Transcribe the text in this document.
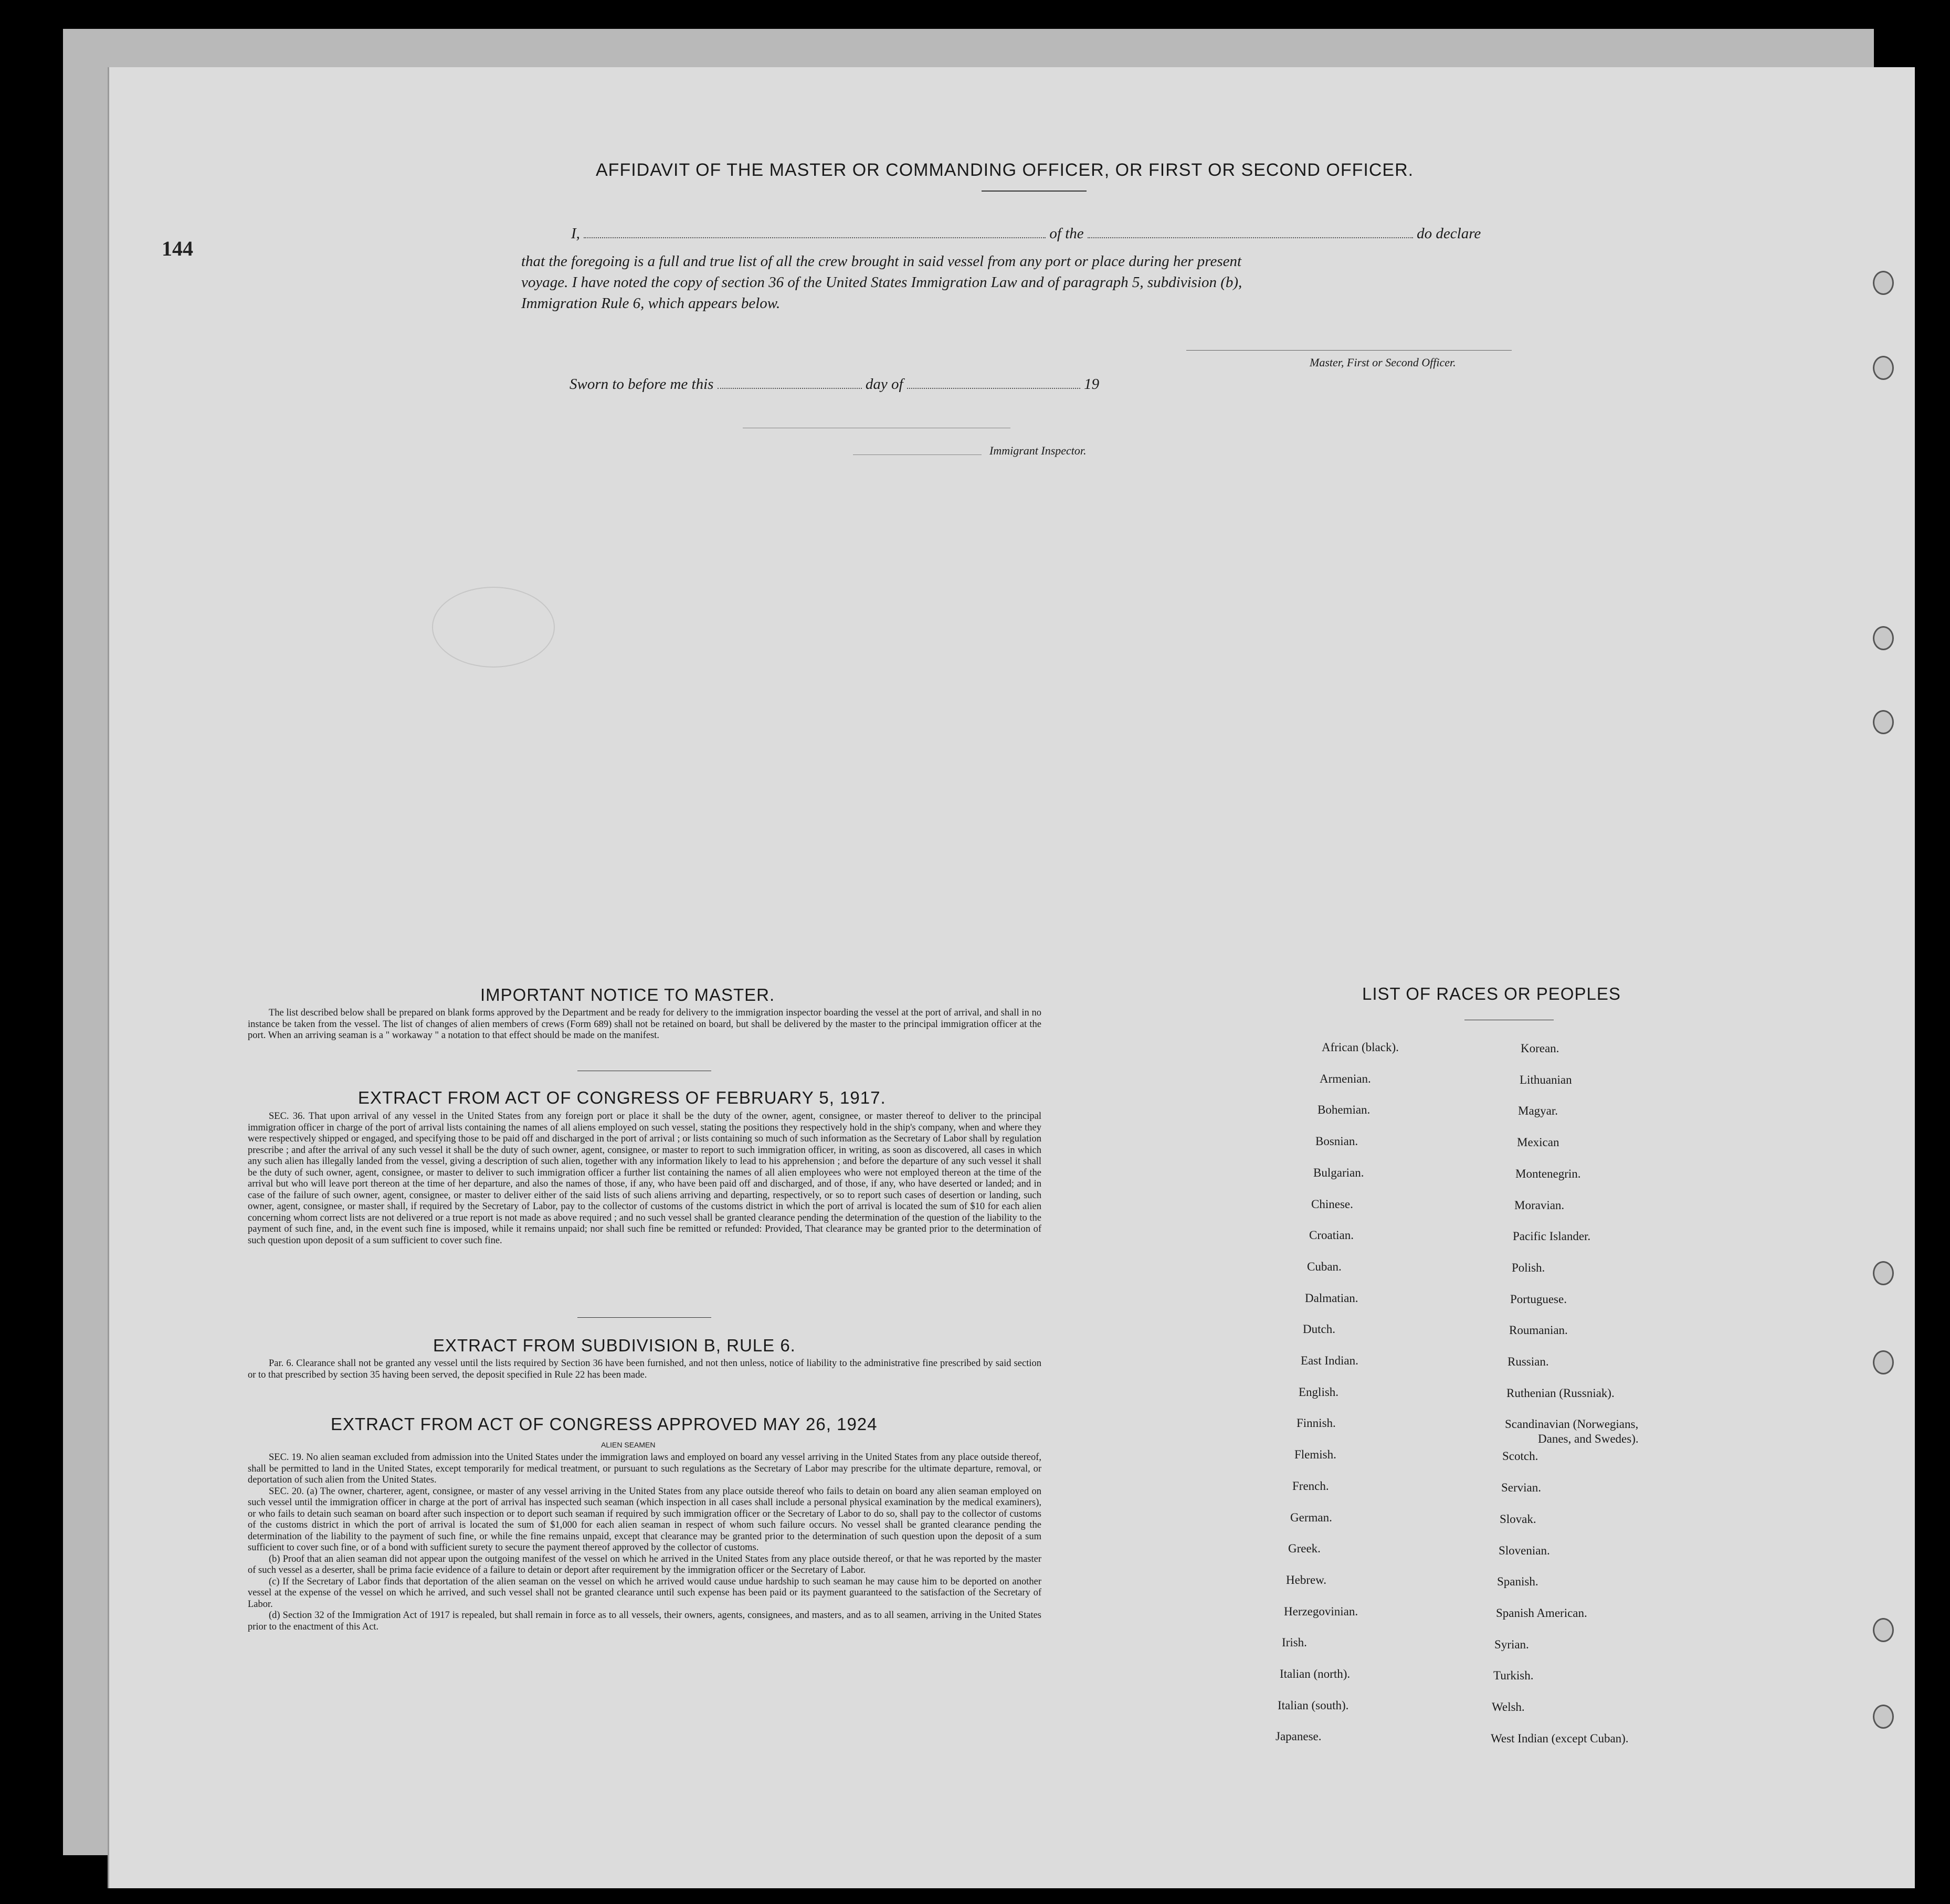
144
AFFIDAVIT OF THE MASTER OR COMMANDING OFFICER, OR FIRST OR SECOND OFFICER.
I,	of the	do declare
that the foregoing is a full and true list of all the crew brought in said vessel from any port or place during her present
voyage. I have noted the copy of section 36 of the United States Immigration Law and of paragraph 5, subdivision (b),
Immigration Rule 6, which appears below.
Master, First or Second Officer.
Sworn to before me this	day of	19
Immigrant Inspector.
IMPORTANT NOTICE TO MASTER.

The list described below shall be prepared on blank forms approved by the Department and be ready for delivery to the immigration inspector boarding the vessel at the port of arrival, and shall in no instance be taken from the vessel. The list of changes of alien members of crews (Form 689) shall not be retained on board, but shall be delivered by the master to the principal immigration officer at the port. When an arriving seaman is a " workaway " a notation to that effect should be made on the manifest.

EXTRACT FROM ACT OF CONGRESS OF FEBRUARY 5, 1917.

SEC. 36. That upon arrival of any vessel in the United States from any foreign port or place it shall be the duty of the owner, agent, consignee, or master thereof to deliver to the principal immigration officer in charge of the port of arrival lists containing the names of all aliens employed on such vessel, stating the positions they respectively hold in the ship's company, when and where they were respectively shipped or engaged, and specifying those to be paid off and discharged in the port of arrival ; or lists containing so much of such information as the Secretary of Labor shall by regulation prescribe ; and after the arrival of any such vessel it shall be the duty of such owner, agent, consignee, or master to report to such immigration officer, in writing, as soon as discovered, all cases in which any such alien has illegally landed from the vessel, giving a description of such alien, together with any information likely to lead to his apprehension ; and before the departure of any such vessel it shall be the duty of such owner, agent, consignee, or master to deliver to such immigration officer a further list containing the names of all alien employees who were not employed thereon at the time of the arrival but who will leave port thereon at the time of her departure, and also the names of those, if any, who have been paid off and discharged, and of those, if any, who have deserted or landed; and in case of the failure of such owner, agent, consignee, or master to deliver either of the said lists of such aliens arriving and departing, respectively, or so to report such cases of desertion or landing, such owner, agent, consignee, or master shall, if required by the Secretary of Labor, pay to the collector of customs of the customs district in which the port of arrival is located the sum of $10 for each alien concerning whom correct lists are not delivered or a true report is not made as above required ; and no such vessel shall be granted clearance pending the determination of the question of the liability to the payment of such fine, and, in the event such fine is imposed, while it remains unpaid; nor shall such fine be remitted or refunded: Provided, That clearance may be granted prior to the determination of such question upon deposit of a sum sufficient to cover such fine.

EXTRACT FROM SUBDIVISION B, RULE 6.

Par. 6. Clearance shall not be granted any vessel until the lists required by Section 36 have been furnished, and not then unless, notice of liability to the administrative fine prescribed by said section or to that prescribed by section 35 having been served, the deposit specified in Rule 22 has been made.

EXTRACT FROM ACT OF CONGRESS APPROVED MAY 26, 1924
ALIEN SEAMEN

SEC. 19. No alien seaman excluded from admission into the United States under the immigration laws and employed on board any vessel arriving in the United States from any place outside thereof, shall be permitted to land in the United States, except temporarily for medical treatment, or pursuant to such regulations as the Secretary of Labor may prescribe for the ultimate departure, removal, or deportation of such alien from the United States.

SEC. 20. (a) The owner, charterer, agent, consignee, or master of any vessel arriving in the United States from any place outside thereof who fails to detain on board any alien seaman employed on such vessel until the immigration officer in charge at the port of arrival has inspected such seaman (which inspection in all cases shall include a personal physical examination by the medical examiners), or who fails to detain such seaman on board after such inspection or to deport such seaman if required by such immigration officer or the Secretary of Labor to do so, shall pay to the collector of customs of the customs district in which the port of arrival is located the sum of $1,000 for each alien seaman in respect of whom such failure occurs. No vessel shall be granted clearance pending the determination of the liability to the payment of such fine, or while the fine remains unpaid, except that clearance may be granted prior to the determination of such question upon the deposit of a sum sufficient to cover such fine, or of a bond with sufficient surety to secure the payment thereof approved by the collector of customs.

(b) Proof that an alien seaman did not appear upon the outgoing manifest of the vessel on which he arrived in the United States from any place outside thereof, or that he was reported by the master of such vessel as a deserter, shall be prima facie evidence of a failure to detain or deport after requirement by the immigration officer or the Secretary of Labor.

(c) If the Secretary of Labor finds that deportation of the alien seaman on the vessel on which he arrived would cause undue hardship to such seaman he may cause him to be deported on another vessel at the expense of the vessel on which he arrived, and such vessel shall not be granted clearance until such expense has been paid or its payment guaranteed to the satisfaction of the Secretary of Labor.

(d) Section 32 of the Immigration Act of 1917 is repealed, but shall remain in force as to all vessels, their owners, agents, consignees, and masters, and as to all seamen, arriving in the United States prior to the enactment of this Act.

LIST OF RACES OR PEOPLES
African (black).
Armenian.
Bohemian.
Bosnian.
Bulgarian.
Chinese.
Croatian.
Cuban.
Dalmatian.
Dutch.
East Indian.
English.
Finnish.
Flemish.
French.
German.
Greek.
Hebrew.
Herzegovinian.
Irish.
Italian (north).
Italian (south).
Japanese.
Korean.
Lithuanian
Magyar.
Mexican
Montenegrin.
Moravian.
Pacific Islander.
Polish.
Portuguese.
Roumanian.
Russian.
Ruthenian (Russniak).
Scandinavian (Norwegians,
Danes, and Swedes).
Scotch.
Servian.
Slovak.
Slovenian.
Spanish.
Spanish American.
Syrian.
Turkish.
Welsh.
West Indian (except Cuban).
